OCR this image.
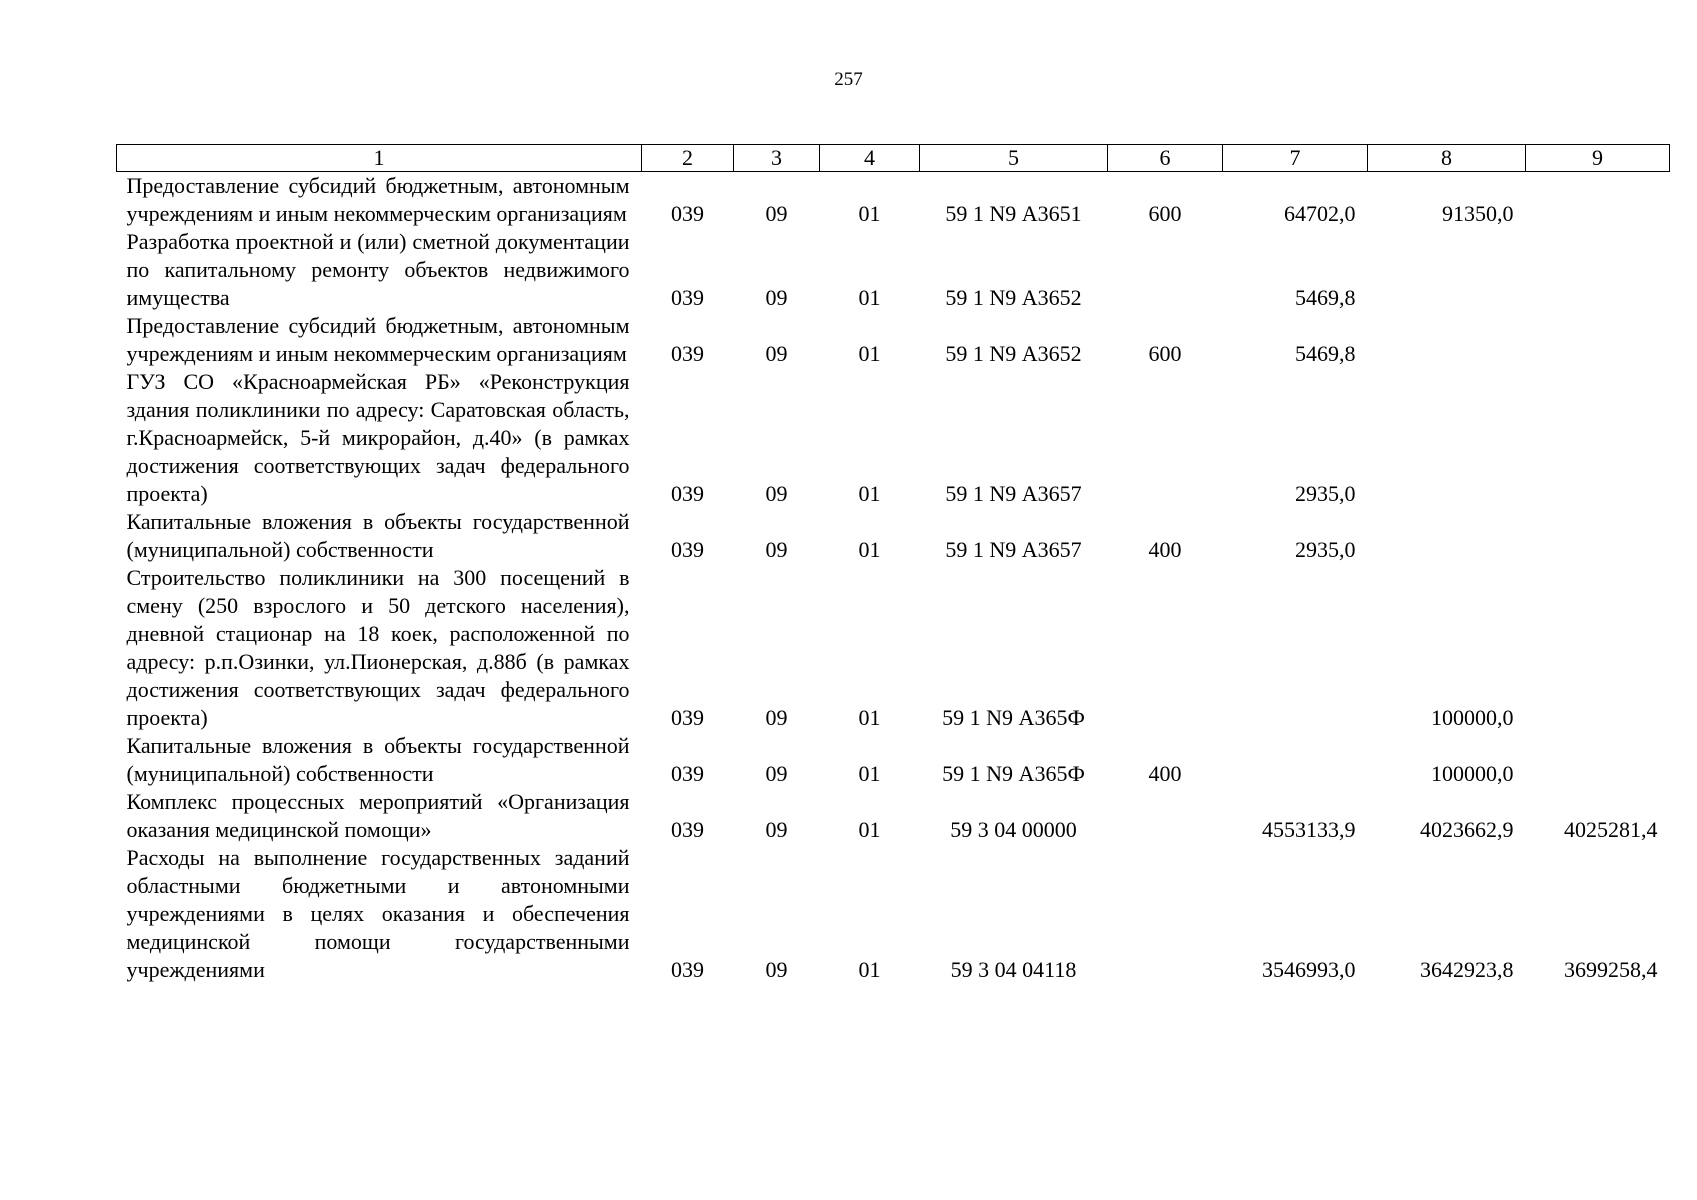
257
1	2	3	4	5	6	7	8	9
Предоставление субсидий бюджетным, автономным учреждениям и иным некоммерческим организациям	039	09	01	59 1 N9 А3651	600	64702,0	91350,0	
Разработка проектной и (или) сметной документации по капитальному ремонту объектов недвижимого имущества	039	09	01	59 1 N9 А3652		5469,8		
Предоставление субсидий бюджетным, автономным учреждениям и иным некоммерческим организациям	039	09	01	59 1 N9 А3652	600	5469,8		
ГУЗ СО «Красноармейская РБ» «Реконструкция здания поликлиники по адресу: Саратовская область, г.Красноармейск, 5-й микрорайон, д.40» (в рамках достижения соответствующих задач федерального проекта)	039	09	01	59 1 N9 А3657		2935,0		
Капитальные вложения в объекты государственной (муниципальной) собственности	039	09	01	59 1 N9 А3657	400	2935,0		
Строительство поликлиники на 300 посещений в смену (250 взрослого и 50 детского населения), дневной стационар на 18 коек, расположенной по адресу: р.п.Озинки, ул.Пионерская, д.88б (в рамках достижения соответствующих задач федерального проекта)	039	09	01	59 1 N9 А365Ф			100000,0	
Капитальные вложения в объекты государственной (муниципальной) собственности	039	09	01	59 1 N9 А365Ф	400		100000,0	
Комплекс процессных мероприятий «Организация оказания медицинской помощи»	039	09	01	59 3 04 00000		4553133,9	4023662,9	4025281,4
Расходы на выполнение государственных заданий областными бюджетными и автономными учреждениями в целях оказания и обеспечения медицинской помощи государственными учреждениями	039	09	01	59 3 04 04118		3546993,0	3642923,8	3699258,4
